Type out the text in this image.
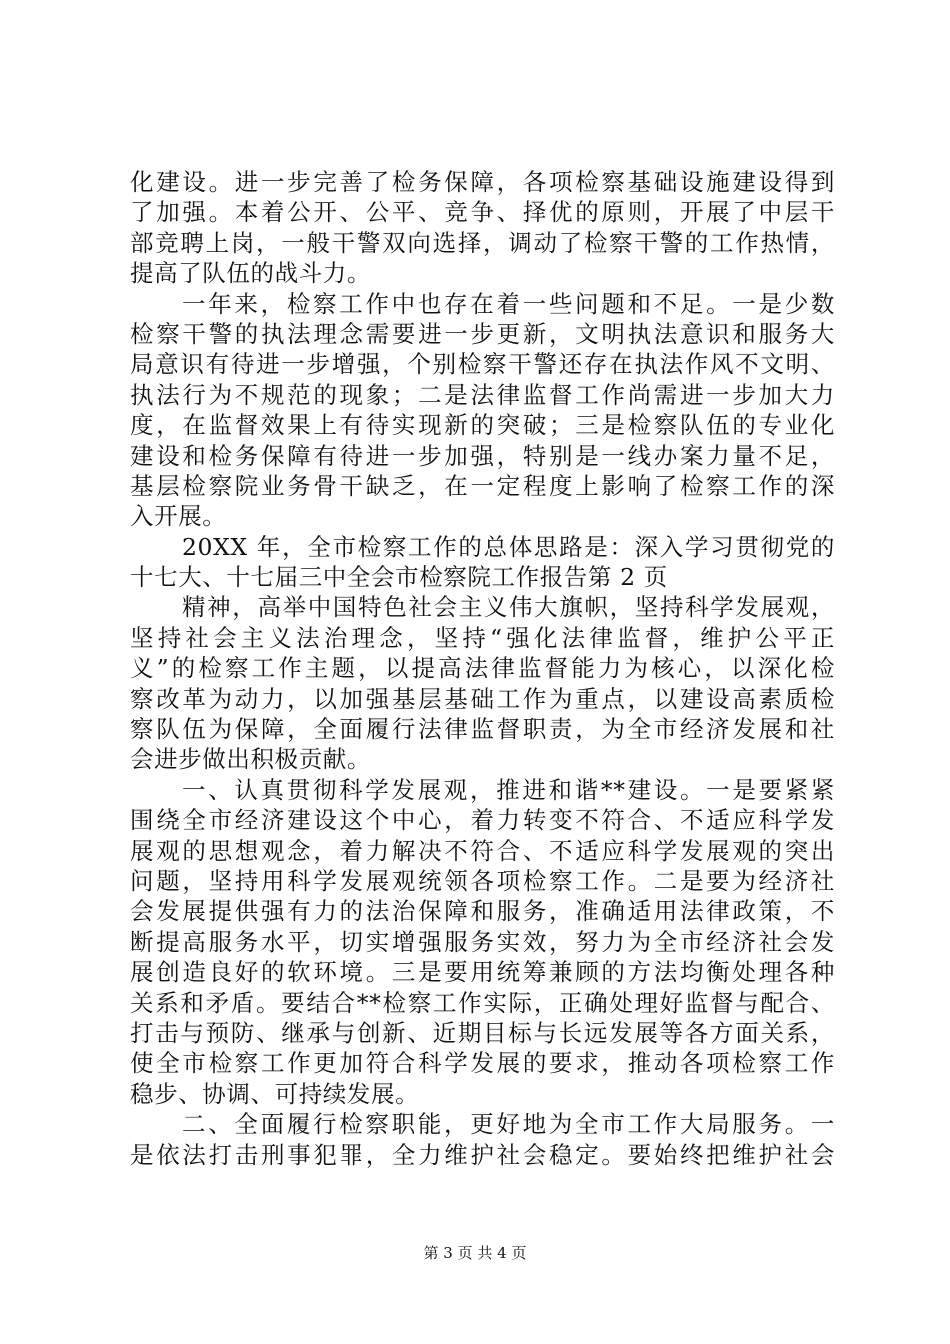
化建设。进一步完善了检务保障，各项检察基础设施建设得到
了加强。本着公开、公平、竞争、择优的原则，开展了中层干
部竞聘上岗，一般干警双向选择，调动了检察干警的工作热情，
提高了队伍的战斗力。
一年来，检察工作中也存在着一些问题和不足。一是少数
检察干警的执法理念需要进一步更新，文明执法意识和服务大
局意识有待进一步增强，个别检察干警还存在执法作风不文明、
执法行为不规范的现象；二是法律监督工作尚需进一步加大力
度，在监督效果上有待实现新的突破；三是检察队伍的专业化
建设和检务保障有待进一步加强，特别是一线办案力量不足，
基层检察院业务骨干缺乏，在一定程度上影响了检察工作的深
入开展。
20XX 年，全市检察工作的总体思路是：深入学习贯彻党的
十七大、十七届三中全会市检察院工作报告第 2 页
精神，高举中国特色社会主义伟大旗帜，坚持科学发展观，
坚持社会主义法治理念，坚持“强化法律监督，维护公平正
义”的检察工作主题，以提高法律监督能力为核心，以深化检
察改革为动力，以加强基层基础工作为重点，以建设高素质检
察队伍为保障，全面履行法律监督职责，为全市经济发展和社
会进步做出积极贡献。
一、认真贯彻科学发展观，推进和谐**建设。一是要紧紧
围绕全市经济建设这个中心，着力转变不符合、不适应科学发
展观的思想观念，着力解决不符合、不适应科学发展观的突出
问题，坚持用科学发展观统领各项检察工作。二是要为经济社
会发展提供强有力的法治保障和服务，准确适用法律政策，不
断提高服务水平，切实增强服务实效，努力为全市经济社会发
展创造良好的软环境。三是要用统筹兼顾的方法均衡处理各种
关系和矛盾。要结合**检察工作实际，正确处理好监督与配合、
打击与预防、继承与创新、近期目标与长远发展等各方面关系，
使全市检察工作更加符合科学发展的要求，推动各项检察工作
稳步、协调、可持续发展。
二、全面履行检察职能，更好地为全市工作大局服务。一
是依法打击刑事犯罪，全力维护社会稳定。要始终把维护社会
第 3 页 共 4 页
